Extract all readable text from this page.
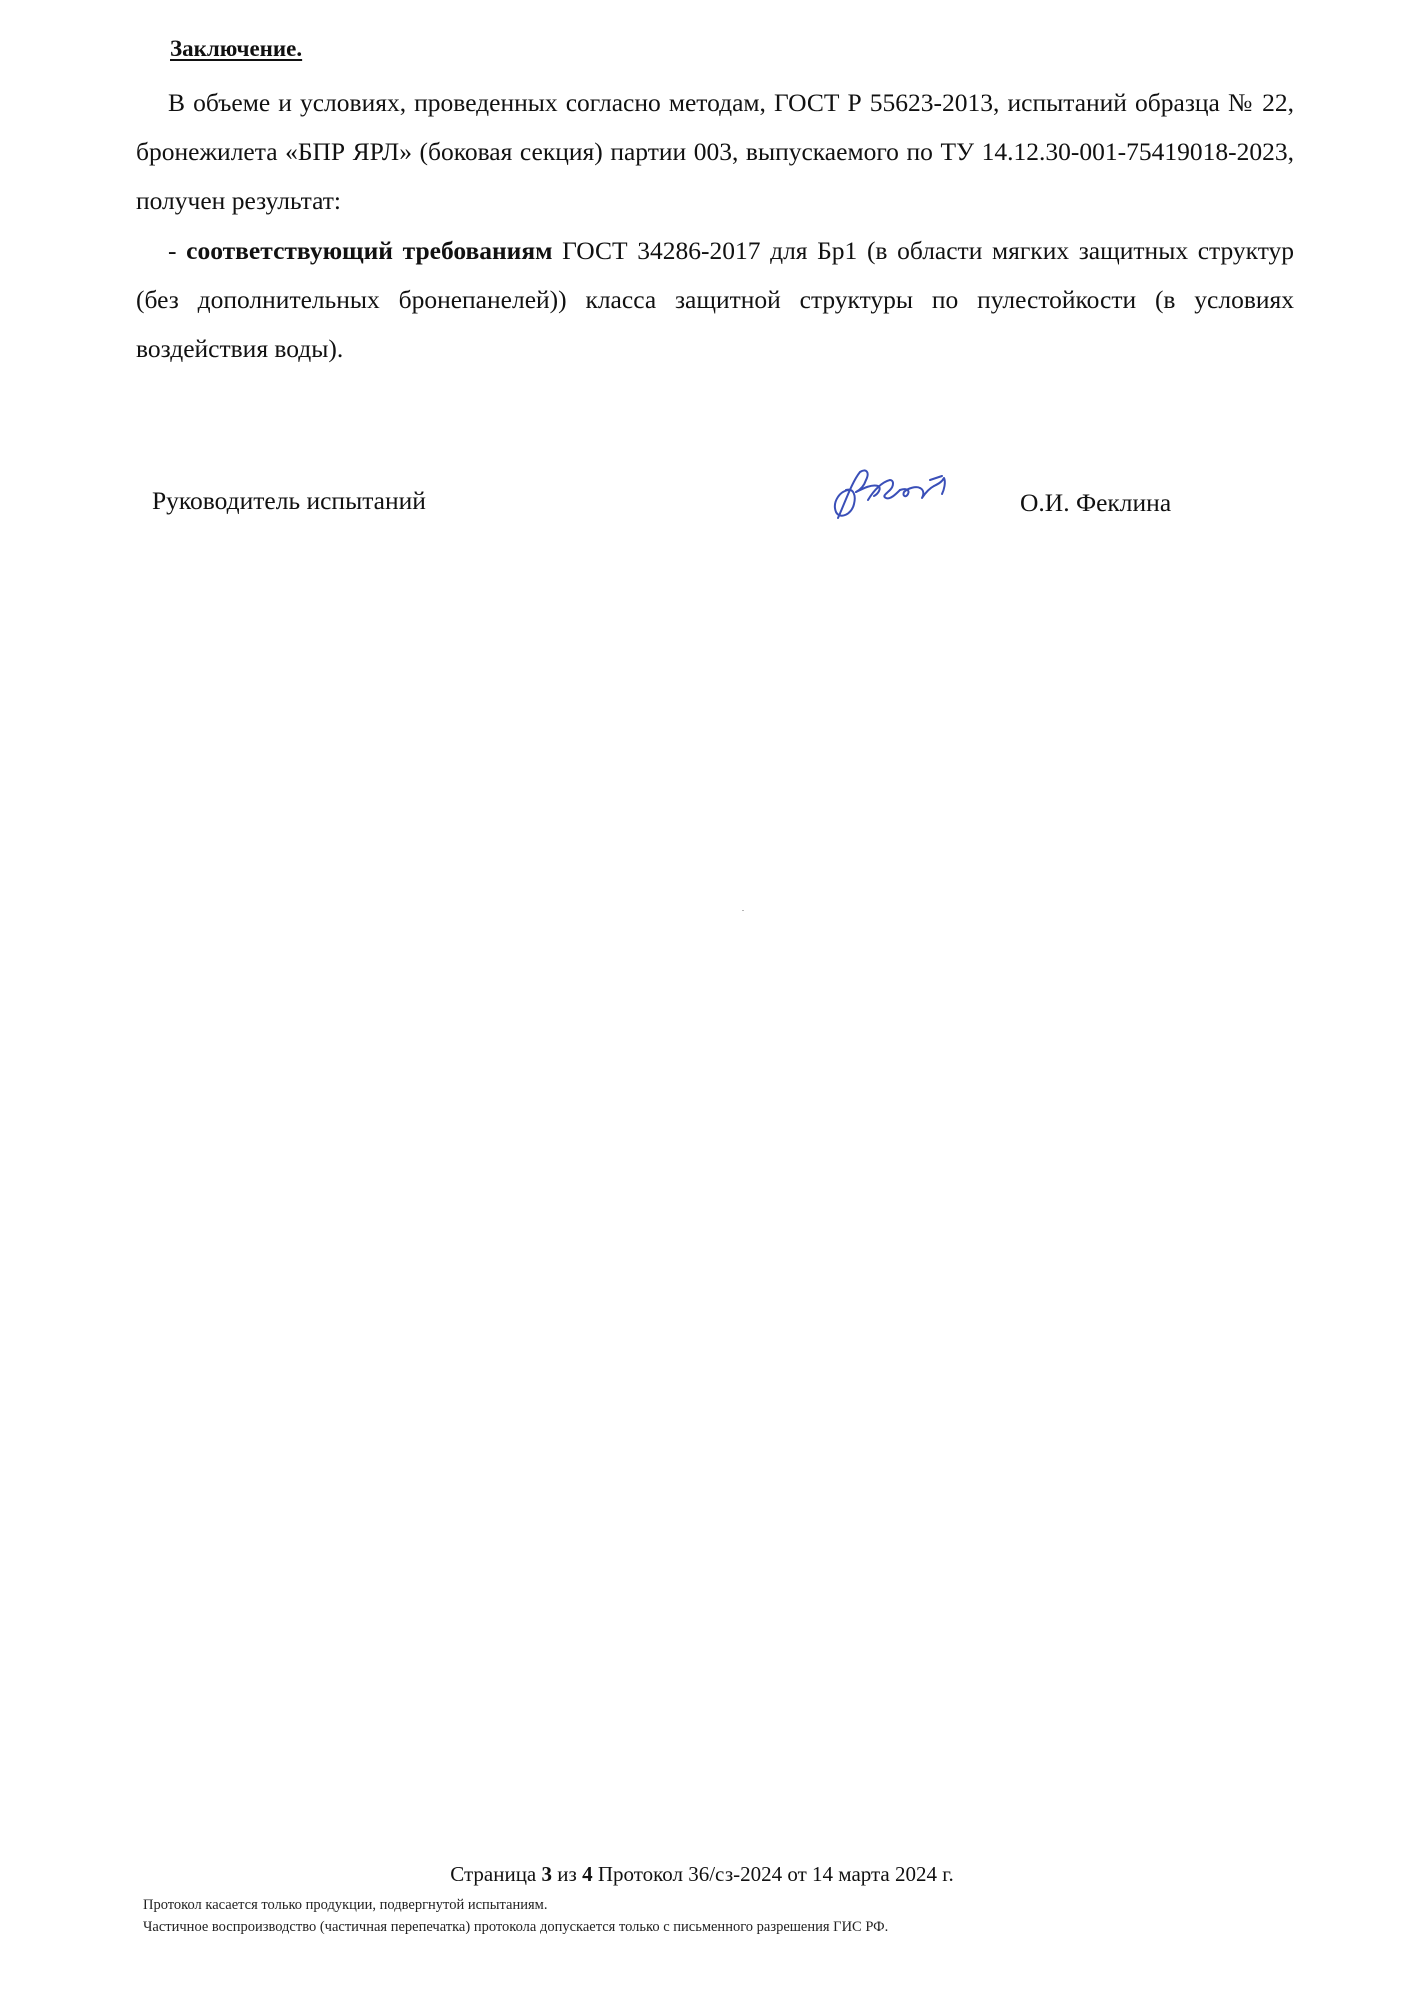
Заключение.
В объеме и условиях, проведенных согласно методам, ГОСТ Р 55623-2013, испытаний образца № 22, бронежилета «БПР ЯРЛ» (боковая секция) партии 003, выпускаемого по ТУ 14.12.30-001-75419018-2023, получен результат:
- соответствующий требованиям ГОСТ 34286-2017 для Бр1 (в области мягких защитных структур (без дополнительных бронепанелей)) класса защитной структуры по пулестойкости (в условиях воздействия воды).
Руководитель испытаний	О.И. Феклина
Страница 3 из 4 Протокол 36/сз-2024 от 14 марта 2024 г.
Протокол касается только продукции, подвергнутой испытаниям.
Частичное воспроизводство (частичная перепечатка) протокола допускается только с письменного разрешения ГИС РФ.
